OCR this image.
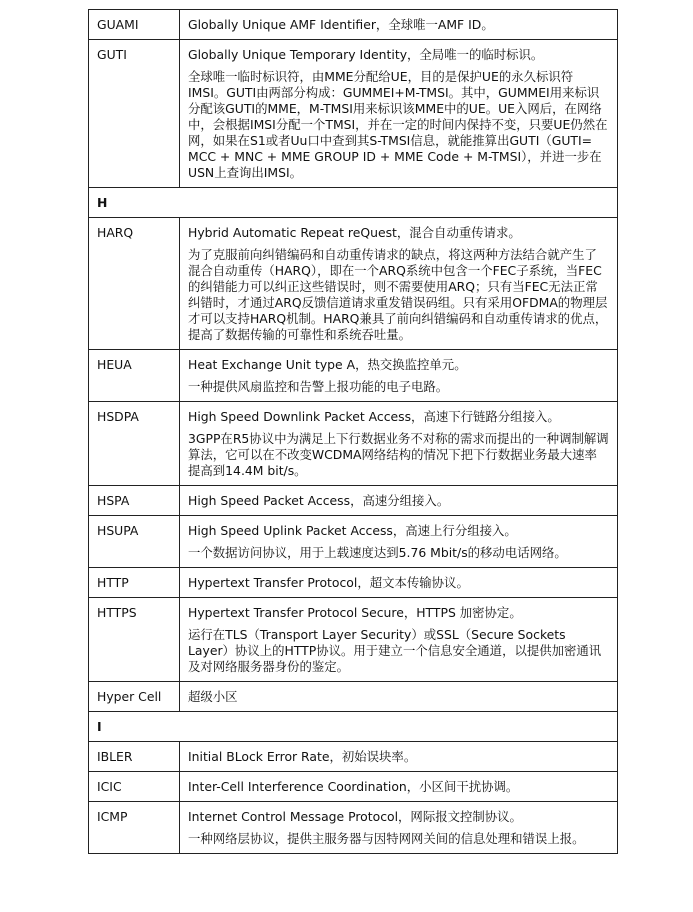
GUAMI	Globally Unique AMF Identifier，全球唯一AMF ID。

GUTI	Globally Unique Temporary Identity，全局唯一的临时标识。

全球唯一临时标识符，由MME分配给UE，目的是保护UE的永久标识符IMSI。GUTI由两部分构成：GUMMEI+M-TMSI。其中，GUMMEI用来标识分配该GUTI的MME，M-TMSI用来标识该MME中的UE。UE入网后，在网络中，会根据IMSI分配一个TMSI，并在一定的时间内保持不变，只要UE仍然在网，如果在S1或者Uu口中查到其S-TMSI信息，就能推算出GUTI（GUTI= MCC + MNC + MME GROUP ID + MME Code + M-TMSI），并进一步在USN上查询出IMSI。

H	
HARQ	Hybrid Automatic Repeat reQuest，混合自动重传请求。

为了克服前向纠错编码和自动重传请求的缺点，将这两种方法结合就产生了混合自动重传（HARQ），即在一个ARQ系统中包含一个FEC子系统，当FEC的纠错能力可以纠正这些错误时，则不需要使用ARQ；只有当FEC无法正常纠错时，才通过ARQ反馈信道请求重发错误码组。只有采用OFDMA的物理层才可以支持HARQ机制。HARQ兼具了前向纠错编码和自动重传请求的优点，提高了数据传输的可靠性和系统吞吐量。

HEUA	Heat Exchange Unit type A，热交换监控单元。

一种提供风扇监控和告警上报功能的电子电路。

HSDPA	High Speed Downlink Packet Access，高速下行链路分组接入。

3GPP在R5协议中为满足上下行数据业务不对称的需求而提出的一种调制解调算法，它可以在不改变WCDMA网络结构的情况下把下行数据业务最大速率提高到14.4M bit/s。

HSPA	High Speed Packet Access，高速分组接入。

HSUPA	High Speed Uplink Packet Access，高速上行分组接入。

一个数据访问协议，用于上载速度达到5.76 Mbit/s的移动电话网络。

HTTP	Hypertext Transfer Protocol，超文本传输协议。

HTTPS	Hypertext Transfer Protocol Secure，HTTPS 加密协定。

运行在TLS（Transport Layer Security）或SSL（Secure Sockets Layer）协议上的HTTP协议。用于建立一个信息安全通道，以提供加密通讯及对网络服务器身份的鉴定。

Hyper Cell	超级小区

I	
IBLER	Initial BLock Error Rate，初始误块率。

ICIC	Inter-Cell Interference Coordination，小区间干扰协调。

ICMP	Internet Control Message Protocol，网际报文控制协议。

一种网络层协议，提供主服务器与因特网网关间的信息处理和错误上报。
